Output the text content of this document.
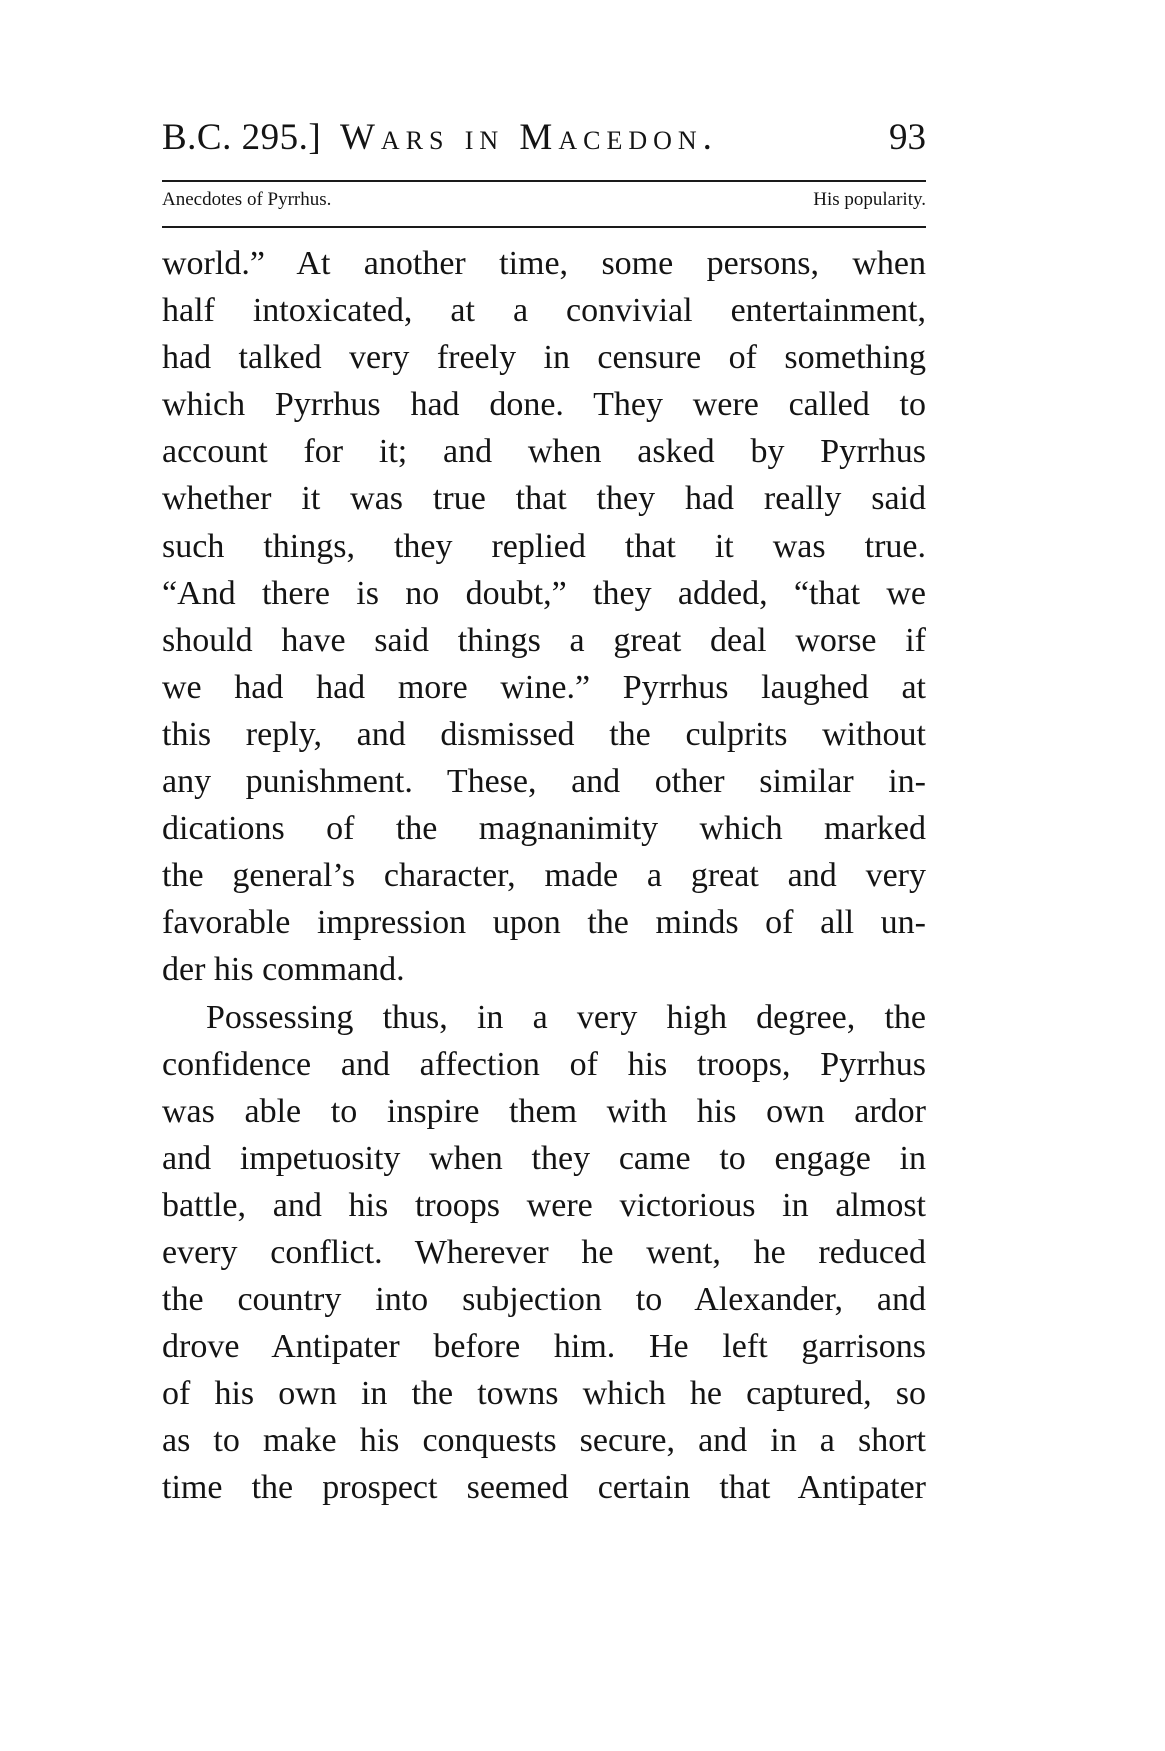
B.C. 295.] Wars in Macedon.	93
Anecdotes of Pyrrhus.	His popularity.
world.” At another time, some persons, when
half intoxicated, at a convivial entertainment,
had talked very freely in censure of something
which Pyrrhus had done. They were called to
account for it; and when asked by Pyrrhus
whether it was true that they had really said
such things, they replied that it was true.
“And there is no doubt,” they added, “that we
should have said things a great deal worse if
we had had more wine.” Pyrrhus laughed at
this reply, and dismissed the culprits without
any punishment. These, and other similar in-
dications of the magnanimity which marked
the general’s character, made a great and very
favorable impression upon the minds of all un-
der his command.
Possessing thus, in a very high degree, the
confidence and affection of his troops, Pyrrhus
was able to inspire them with his own ardor
and impetuosity when they came to engage in
battle, and his troops were victorious in almost
every conflict. Wherever he went, he reduced
the country into subjection to Alexander, and
drove Antipater before him. He left garrisons
of his own in the towns which he captured, so
as to make his conquests secure, and in a short
time the prospect seemed certain that Antipater
